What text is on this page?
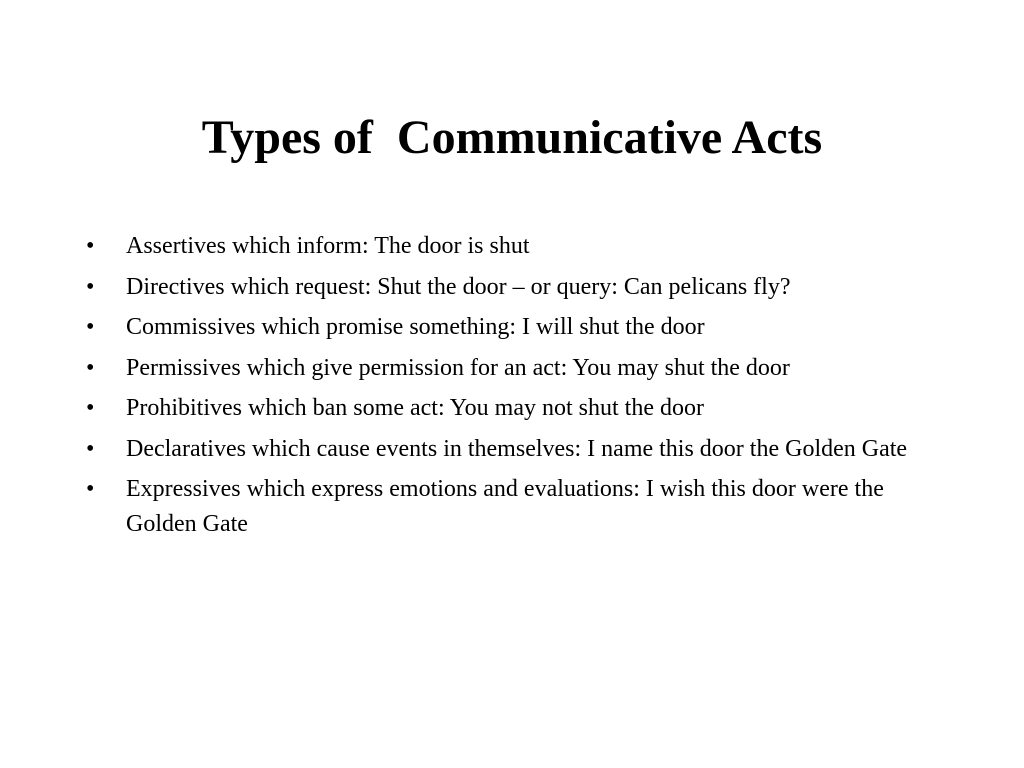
Types of  Communicative Acts
•	Assertives which inform: The door is shut
•	Directives which request: Shut the door – or query: Can pelicans fly?
•	Commissives which promise something: I will shut the door
•	Permissives which give permission for an act: You may shut the door
•	Prohibitives which ban some act: You may not shut the door
•	Declaratives which cause events in themselves: I name this door the Golden Gate
•	Expressives which express emotions and evaluations: I wish this door were the Golden Gate
